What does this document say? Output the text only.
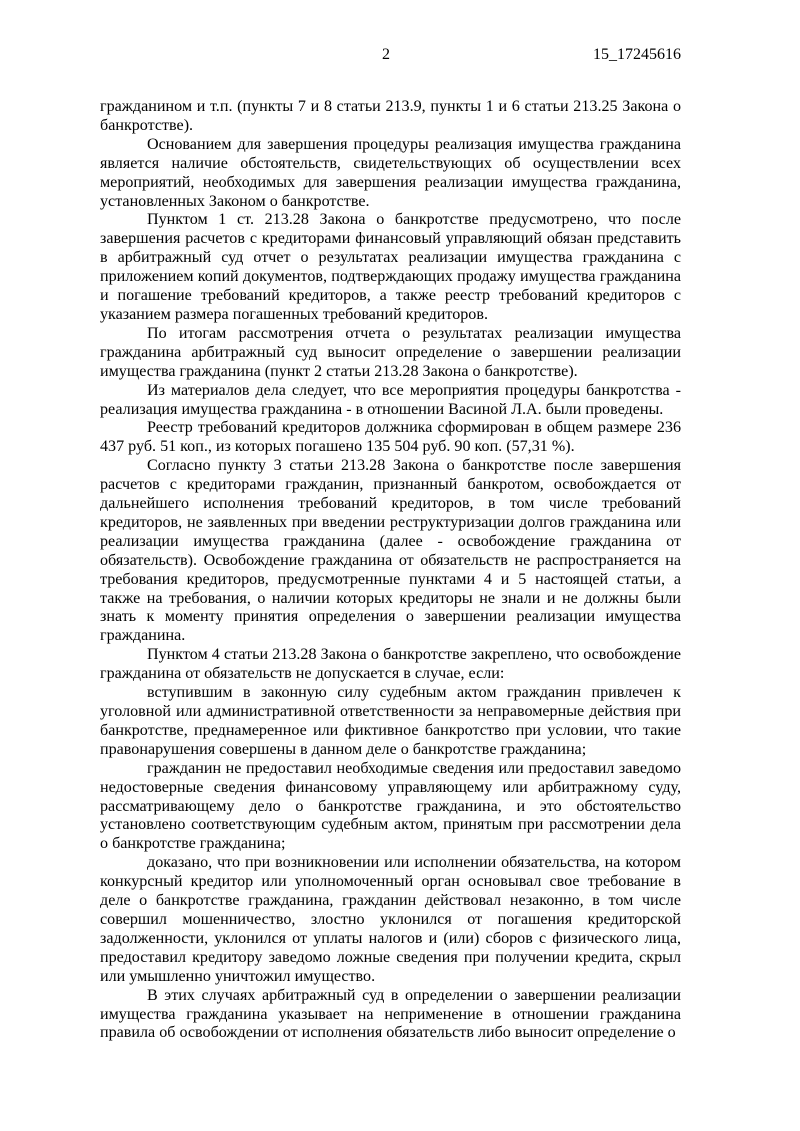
2	15_17245616

гражданином и т.п. (пункты 7 и 8 статьи 213.9, пункты 1 и 6 статьи 213.25 Закона о банкротстве).

Основанием для завершения процедуры реализация имущества гражданина является наличие обстоятельств, свидетельствующих об осуществлении всех мероприятий, необходимых для завершения реализации имущества гражданина, установленных Законом о банкротстве.

Пунктом 1 ст. 213.28 Закона о банкротстве предусмотрено, что после завершения расчетов с кредиторами финансовый управляющий обязан представить в арбитражный суд отчет о результатах реализации имущества гражданина с приложением копий документов, подтверждающих продажу имущества гражданина и погашение требований кредиторов, а также реестр требований кредиторов с указанием размера погашенных требований кредиторов.

По итогам рассмотрения отчета о результатах реализации имущества гражданина арбитражный суд выносит определение о завершении реализации имущества гражданина (пункт 2 статьи 213.28 Закона о банкротстве).

Из материалов дела следует, что все мероприятия процедуры банкротства - реализация имущества гражданина - в отношении Васиной Л.А. были проведены.

Реестр требований кредиторов должника сформирован в общем размере 236 437 руб. 51 коп., из которых погашено 135 504 руб. 90 коп. (57,31 %).

Согласно пункту 3 статьи 213.28 Закона о банкротстве после завершения расчетов с кредиторами гражданин, признанный банкротом, освобождается от дальнейшего исполнения требований кредиторов, в том числе требований кредиторов, не заявленных при введении реструктуризации долгов гражданина или реализации имущества гражданина (далее - освобождение гражданина от обязательств). Освобождение гражданина от обязательств не распространяется на требования кредиторов, предусмотренные пунктами 4 и 5 настоящей статьи, а также на требования, о наличии которых кредиторы не знали и не должны были знать к моменту принятия определения о завершении реализации имущества гражданина.

Пунктом 4 статьи 213.28 Закона о банкротстве закреплено, что освобождение гражданина от обязательств не допускается в случае, если:

вступившим в законную силу судебным актом гражданин привлечен к уголовной или административной ответственности за неправомерные действия при банкротстве, преднамеренное или фиктивное банкротство при условии, что такие правонарушения совершены в данном деле о банкротстве гражданина;

гражданин не предоставил необходимые сведения или предоставил заведомо недостоверные сведения финансовому управляющему или арбитражному суду, рассматривающему дело о банкротстве гражданина, и это обстоятельство установлено соответствующим судебным актом, принятым при рассмотрении дела о банкротстве гражданина;

доказано, что при возникновении или исполнении обязательства, на котором конкурсный кредитор или уполномоченный орган основывал свое требование в деле о банкротстве гражданина, гражданин действовал незаконно, в том числе совершил мошенничество, злостно уклонился от погашения кредиторской задолженности, уклонился от уплаты налогов и (или) сборов с физического лица, предоставил кредитору заведомо ложные сведения при получении кредита, скрыл или умышленно уничтожил имущество.

В этих случаях арбитражный суд в определении о завершении реализации имущества гражданина указывает на неприменение в отношении гражданина правила об освобождении от исполнения обязательств либо выносит определение о
